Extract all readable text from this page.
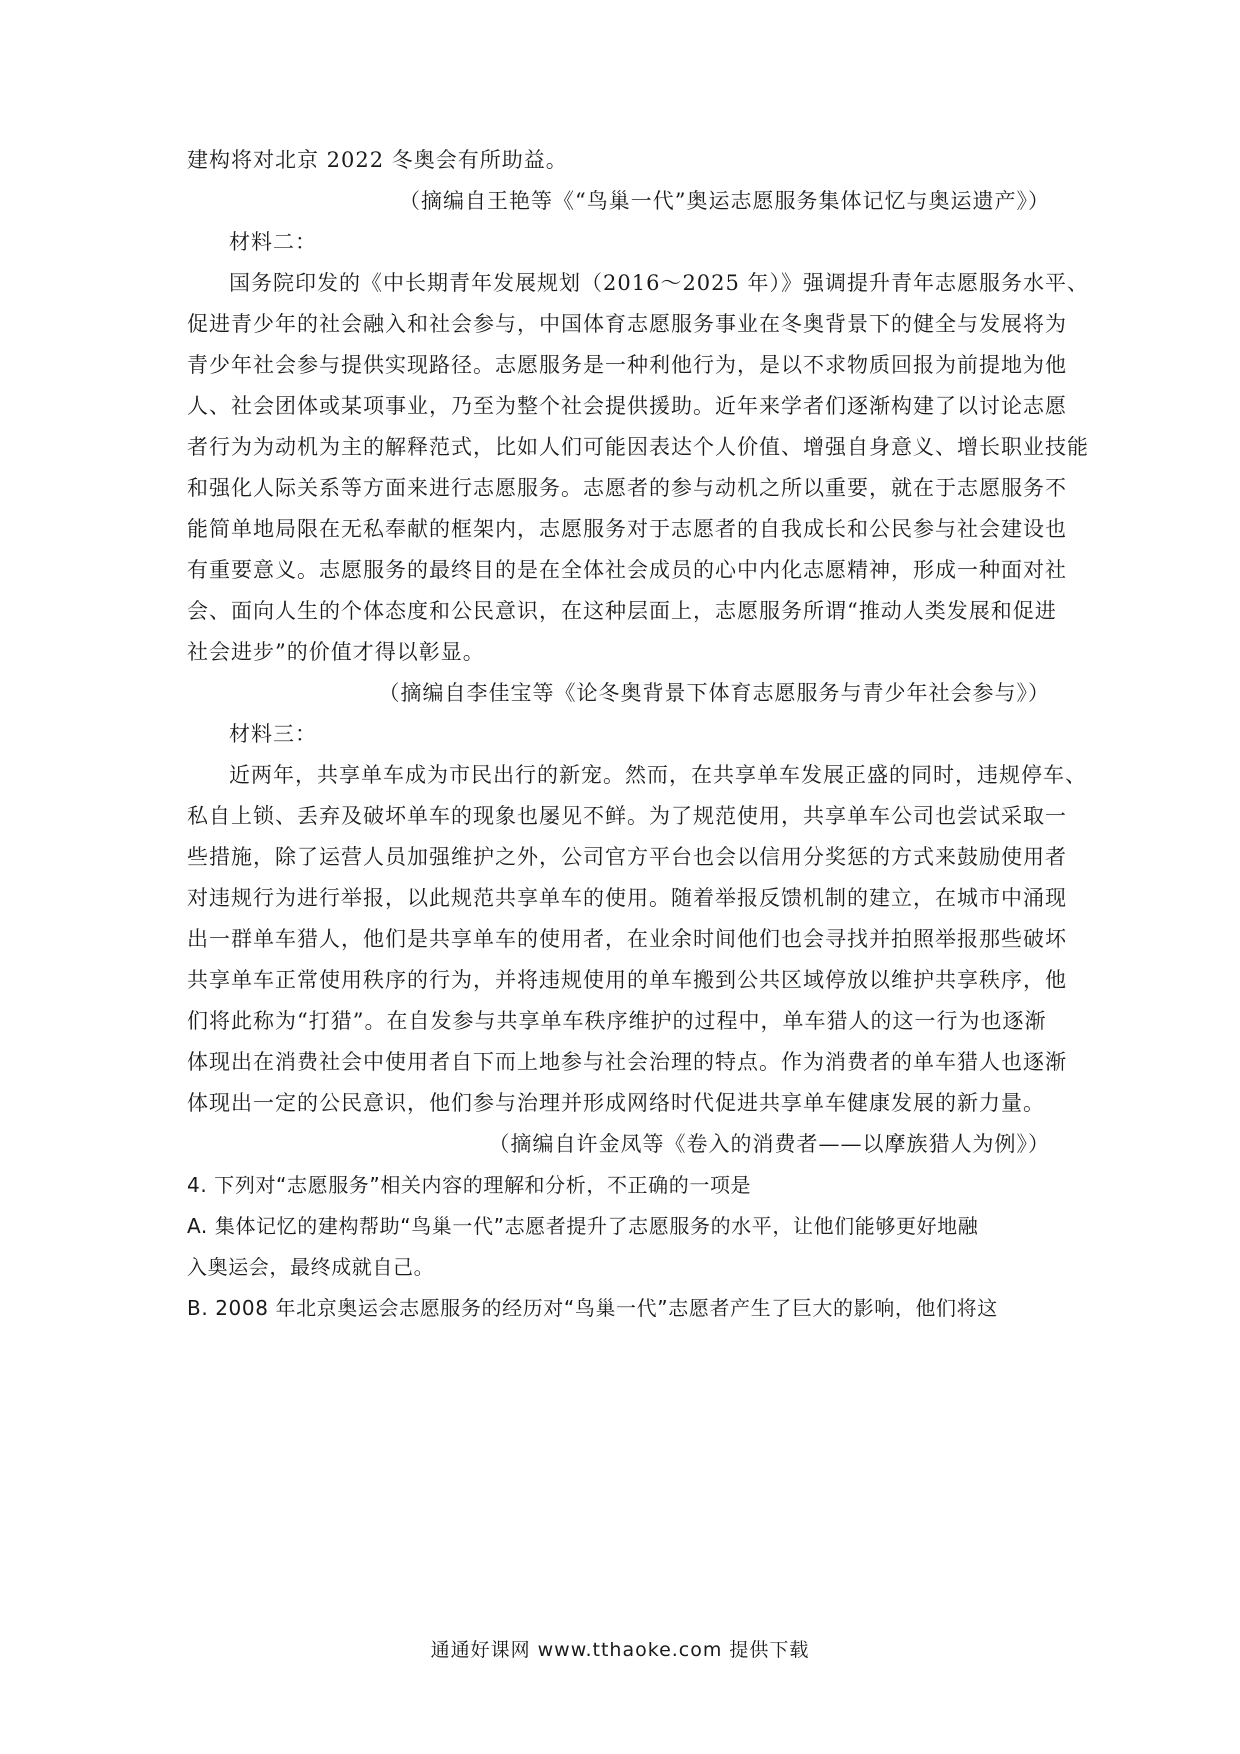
建构将对北京 2022 冬奥会有所助益。
（摘编自王艳等《“鸟巢一代”奥运志愿服务集体记忆与奥运遗产》）
材料二：
国务院印发的《中长期青年发展规划（2016～2025 年）》强调提升青年志愿服务水平、
促进青少年的社会融入和社会参与，中国体育志愿服务事业在冬奥背景下的健全与发展将为
青少年社会参与提供实现路径。志愿服务是一种利他行为，是以不求物质回报为前提地为他
人、社会团体或某项事业，乃至为整个社会提供援助。近年来学者们逐渐构建了以讨论志愿
者行为为动机为主的解释范式，比如人们可能因表达个人价值、增强自身意义、增长职业技能
和强化人际关系等方面来进行志愿服务。志愿者的参与动机之所以重要，就在于志愿服务不
能简单地局限在无私奉献的框架内，志愿服务对于志愿者的自我成长和公民参与社会建设也
有重要意义。志愿服务的最终目的是在全体社会成员的心中内化志愿精神，形成一种面对社
会、面向人生的个体态度和公民意识，在这种层面上，志愿服务所谓“推动人类发展和促进
社会进步”的价值才得以彰显。
（摘编自李佳宝等《论冬奥背景下体育志愿服务与青少年社会参与》）
材料三：
近两年，共享单车成为市民出行的新宠。然而，在共享单车发展正盛的同时，违规停车、
私自上锁、丢弃及破坏单车的现象也屡见不鲜。为了规范使用，共享单车公司也尝试采取一
些措施，除了运营人员加强维护之外，公司官方平台也会以信用分奖惩的方式来鼓励使用者
对违规行为进行举报，以此规范共享单车的使用。随着举报反馈机制的建立，在城市中涌现
出一群单车猎人，他们是共享单车的使用者，在业余时间他们也会寻找并拍照举报那些破坏
共享单车正常使用秩序的行为，并将违规使用的单车搬到公共区域停放以维护共享秩序，他
们将此称为“打猎”。在自发参与共享单车秩序维护的过程中，单车猎人的这一行为也逐渐
体现出在消费社会中使用者自下而上地参与社会治理的特点。作为消费者的单车猎人也逐渐
体现出一定的公民意识，他们参与治理并形成网络时代促进共享单车健康发展的新力量。
（摘编自许金凤等《卷入的消费者——以摩族猎人为例》）
4. 下列对“志愿服务”相关内容的理解和分析，不正确的一项是
A. 集体记忆的建构帮助“鸟巢一代”志愿者提升了志愿服务的水平，让他们能够更好地融
入奥运会，最终成就自己。
B. 2008 年北京奥运会志愿服务的经历对“鸟巢一代”志愿者产生了巨大的影响，他们将这
通通好课网 www.tthaoke.com 提供下载
